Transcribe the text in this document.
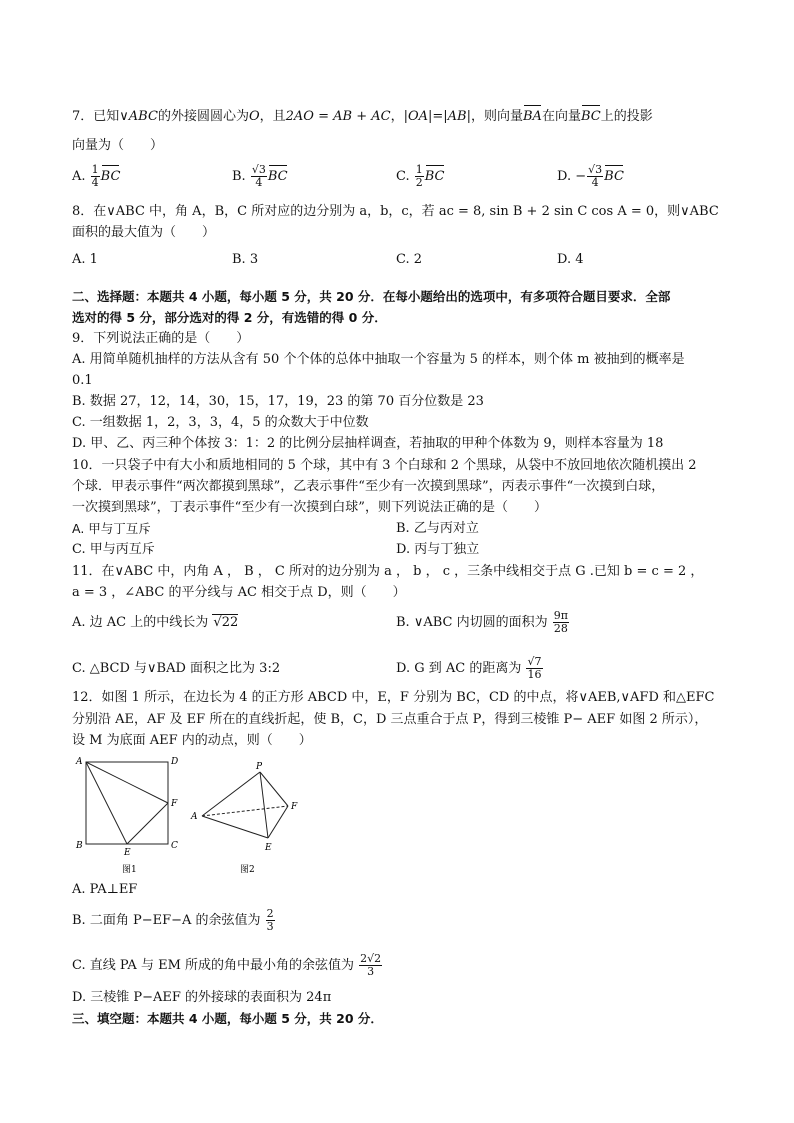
7．已知∨ABC的外接圆圆心为O，且2AO = AB + AC，|OA|=|AB|，则向量BA在向量BC上的投影
向量为（　　）
A. $\frac{1}{4}$ BC	B. $\frac{√3}{4}$ BC	C. $\frac{1}{2}$ BC	D. − $\frac{√3}{4}$ BC
8．在∨ABC 中，角 A，B，C 所对应的边分别为 a，b，c，若 ac = 8, sin B + 2 sin C cos A = 0，则∨ABC
面积的最大值为（　　）
A. 1	B. 3	C. 2	D. 4
二、选择题：本题共 4 小题，每小题 5 分，共 20 分．在每小题给出的选项中，有多项符合题目要求．全部
选对的得 5 分，部分选对的得 2 分，有选错的得 0 分．
9．下列说法正确的是（　　）
A. 用简单随机抽样的方法从含有 50 个个体的总体中抽取一个容量为 5 的样本，则个体 m 被抽到的概率是
0.1
B. 数据 27，12，14，30，15，17，19，23 的第 70 百分位数是 23
C. 一组数据 1，2，3，3，4，5 的众数大于中位数
D. 甲、乙、丙三种个体按 3：1：2 的比例分层抽样调查，若抽取的甲种个体数为 9，则样本容量为 18
10．一只袋子中有大小和质地相同的 5 个球，其中有 3 个白球和 2 个黑球，从袋中不放回地依次随机摸出 2
个球．甲表示事件“两次都摸到黑球”，乙表示事件“至少有一次摸到黑球”，丙表示事件“一次摸到白球，
一次摸到黑球”，丁表示事件“至少有一次摸到白球”，则下列说法正确的是（　　）
A. 甲与丁互斥	B. 乙与丙对立
C. 甲与丙互斥	D. 丙与丁独立
11．在∨ABC 中，内角 A ， B ， C 所对的边分别为 a ， b ， c ，三条中线相交于点 G .已知 b = c = 2 ，
a = 3 ，∠ABC 的平分线与 AC 相交于点 D，则（　　）
A. 边 AC 上的中线长为 √22	B. ∨ABC 内切圆的面积为 $\frac{9\pi}{28}$
C. △BCD 与∨BAD 面积之比为 3:2	D. G 到 AC 的距离为 $\frac{√7}{16}$
12．如图 1 所示，在边长为 4 的正方形 ABCD 中，E，F 分别为 BC，CD 的中点，将∨AEB,∨AFD 和△EFC
分别沿 AE，AF 及 EF 所在的直线折起，使 B，C，D 三点重合于点 P，得到三棱锥 P− AEF 如图 2 所示），
设 M 为底面 AEF 内的动点，则（　　）
A	D
F
B
E
C
图1
P
F
A
E
图2
A. PA⊥EF
B. 二面角 P−EF−A 的余弦值为 $\frac{2}{3}$
C. 直线 PA 与 EM 所成的角中最小角的余弦值为 $\frac{2√2}{3}$
D. 三棱锥 P−AEF 的外接球的表面积为 24π
三、填空题：本题共 4 小题，每小题 5 分，共 20 分．
